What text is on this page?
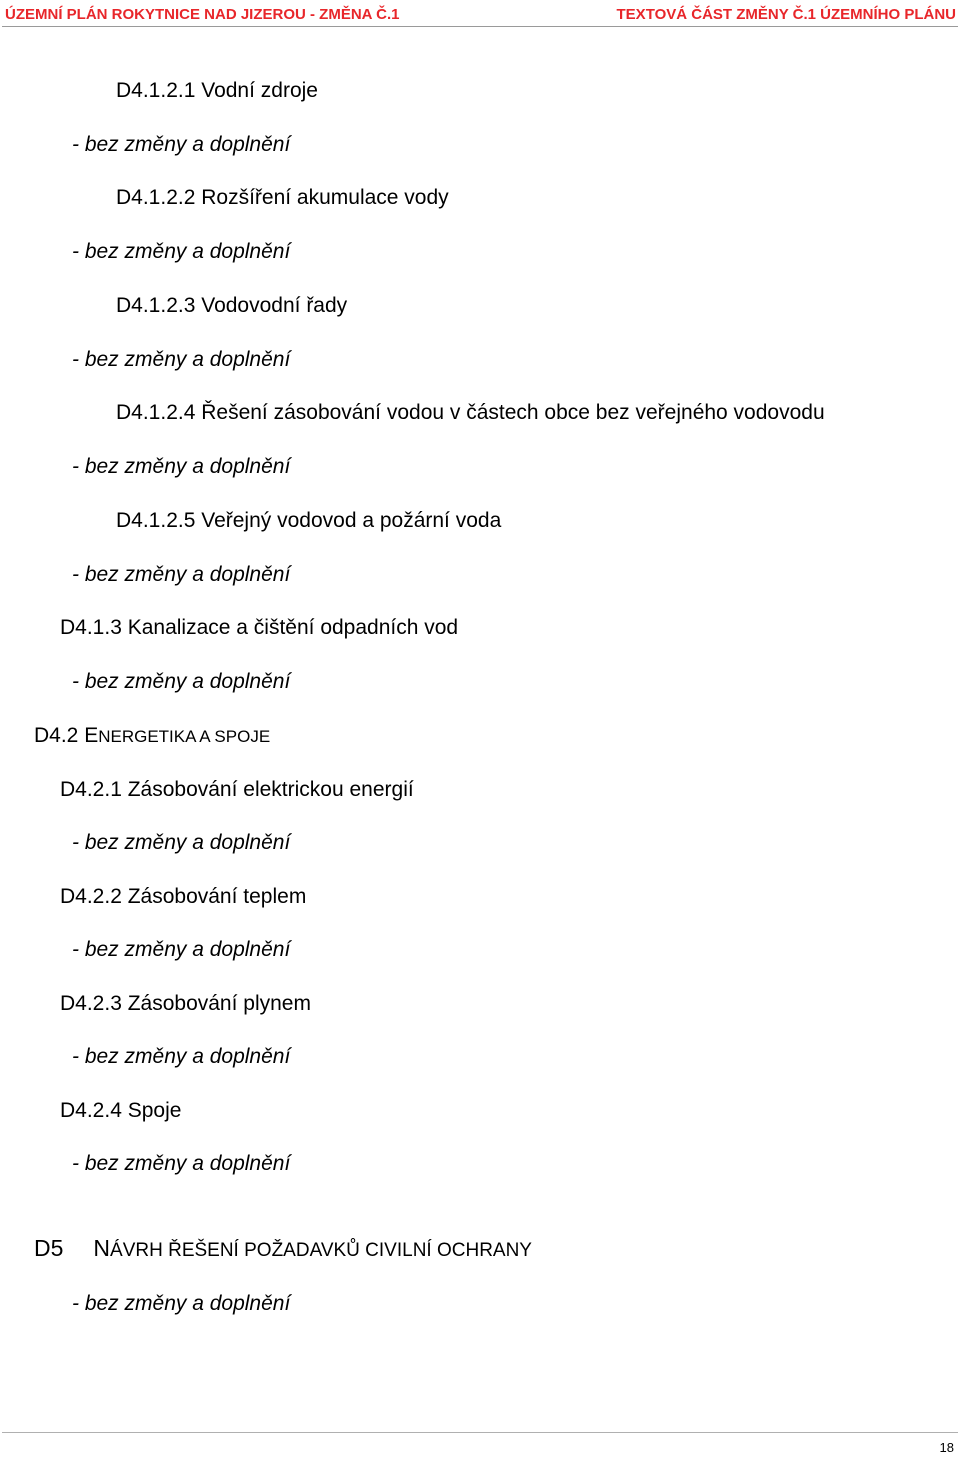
ÚZEMNÍ PLÁN ROKYTNICE NAD JIZEROU - ZMĚNA Č.1	TEXTOVÁ ČÁST ZMĚNY Č.1 ÚZEMNÍHO PLÁNU
D4.1.2.1 Vodní zdroje
- bez změny a doplnění
D4.1.2.2 Rozšíření akumulace vody
- bez změny a doplnění
D4.1.2.3 Vodovodní řady
- bez změny a doplnění
D4.1.2.4 Řešení zásobování vodou v částech obce bez veřejného vodovodu
- bez změny a doplnění
D4.1.2.5 Veřejný vodovod a požární voda
- bez změny a doplnění
D4.1.3 Kanalizace a čištění odpadních vod
- bez změny a doplnění
D4.2 ENERGETIKA A SPOJE
D4.2.1 Zásobování elektrickou energií
- bez změny a doplnění
D4.2.2 Zásobování teplem
- bez změny a doplnění
D4.2.3 Zásobování plynem
- bez změny a doplnění
D4.2.4 Spoje
- bez změny a doplnění
D5 NÁVRH ŘEŠENÍ POŽADAVKŮ CIVILNÍ OCHRANY
- bez změny a doplnění
18
